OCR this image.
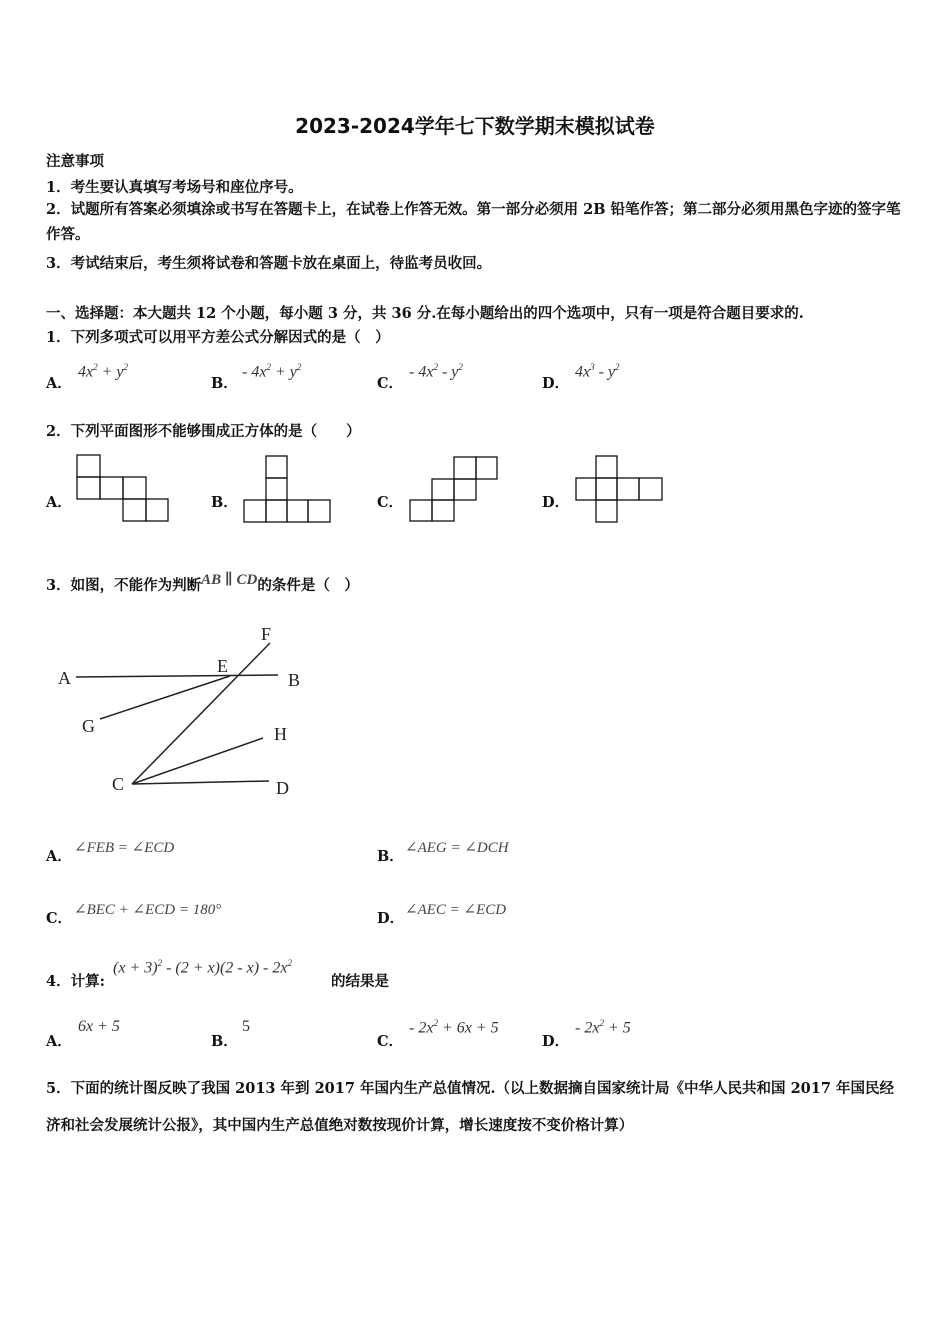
2023-2024学年七下数学期末模拟试卷
注意事项
1．考生要认真填写考场号和座位序号。
2．试题所有答案必须填涂或书写在答题卡上，在试卷上作答无效。第一部分必须用 2B 铅笔作答；第二部分必须用黑色字迹的签字笔作答。
3．考试结束后，考生须将试卷和答题卡放在桌面上，待监考员收回。
一、选择题：本大题共 12 个小题，每小题 3 分，共 36 分.在每小题给出的四个选项中，只有一项是符合题目要求的.
1．下列多项式可以用平方差公式分解因式的是（　）
A．
$4x^2 + y^2$
B．
- $4x^2 + y^2$
C．
- $4x^2 - y^2$
D．
$4x^3 - y^2$
2．下列平面图形不能够围成正方体的是（　　）
A．	B．	C．	D．
3．如图，不能作为判断AB ∥ CD的条件是（　）
A	B
C	D
E
F
G	H
A． ∠FEB = ∠ECD	B． ∠AEG = ∠DCH
C． ∠BEC + ∠ECD = 180°	D． ∠AEC = ∠ECD
4．计算:
$(x + 3)^2 - (2 + x)(2 - x) - 2x^2$
的结果是
A．
6x + 5
B．
5
C．
- $2x^2 + 6x + 5$
D．
- $2x^2 + 5$
5．下面的统计图反映了我国 2013 年到 2017 年国内生产总值情况.（以上数据摘自国家统计局《中华人民共和国 2017 年国民经济和社会发展统计公报》，其中国内生产总值绝对数按现价计算，增长速度按不变价格计算）
